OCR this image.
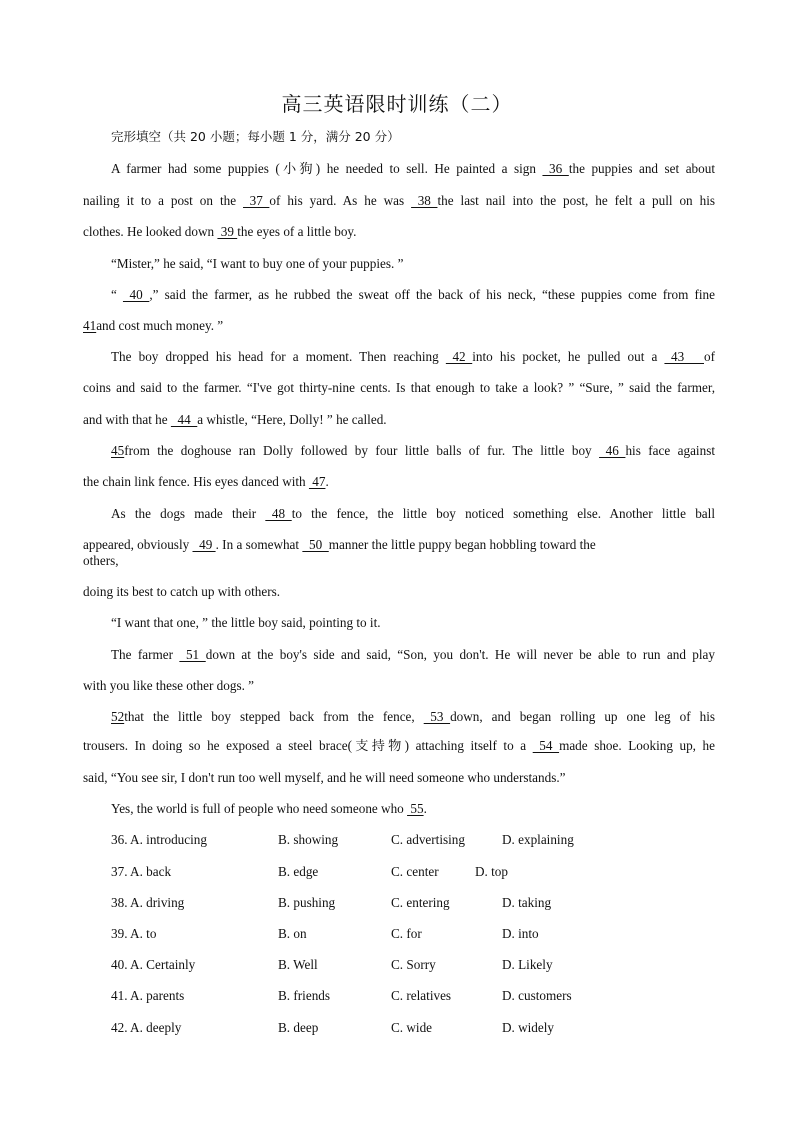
高三英语限时训练（二）
完形填空（共 20 小题；每小题 1 分，满分 20 分）
A farmer had some puppies (小狗) he needed to sell. He painted a sign   36  the puppies and set about
nailing it to a post on the   37  of his yard. As he was   38  the last nail into the post, he felt a pull on his
clothes. He looked down  39 the eyes of a little boy.
“Mister,” he said, “I want to buy one of your puppies. ”
“   40  ,” said the farmer, as he rubbed the sweat off the back of his neck, “these puppies come from fine
41and cost much money. ”
The boy dropped his head for a moment. Then reaching   42  into his pocket, he pulled out a   43      of
coins and said to the farmer. “I've got thirty-nine cents. Is that enough to take a look? ” “Sure, ” said the farmer,
and with that he   44  a whistle, “Here, Dolly! ” he called.
45from the doghouse ran Dolly followed by four little balls of fur. The little boy   46  his face against
the chain link fence. His eyes danced with  47.
As the dogs made their   48  to the fence, the little boy noticed something else. Another little ball
appeared, obviously   49 . In a somewhat   50  manner the little puppy began hobbling toward the
others,
doing its best to catch up with others.
“I want that one, ” the little boy said, pointing to it.
The farmer   51  down at the boy's side and said, “Son, you don't. He will never be able to run and play
with you like these other dogs. ”
52that the little boy stepped back from the fence,   53  down, and began rolling up one leg of his
trousers. In doing so he exposed a steel brace(支持物) attaching itself to a   54  made shoe. Looking up, he
said, “You see sir, I don't run too well myself, and he will need someone who understands.”
Yes, the world is full of people who need someone who  55.
36. A. introducing	B. showing	C. advertising	D. explaining
37. A. back	B. edge	C. center	D. top
38. A. driving	B. pushing	C. entering	D. taking
39. A. to	B. on	C. for	D. into
40. A. Certainly	B. Well	C. Sorry	D. Likely
41. A. parents	B. friends	C. relatives	D. customers
42. A. deeply	B. deep	C. wide	D. widely
